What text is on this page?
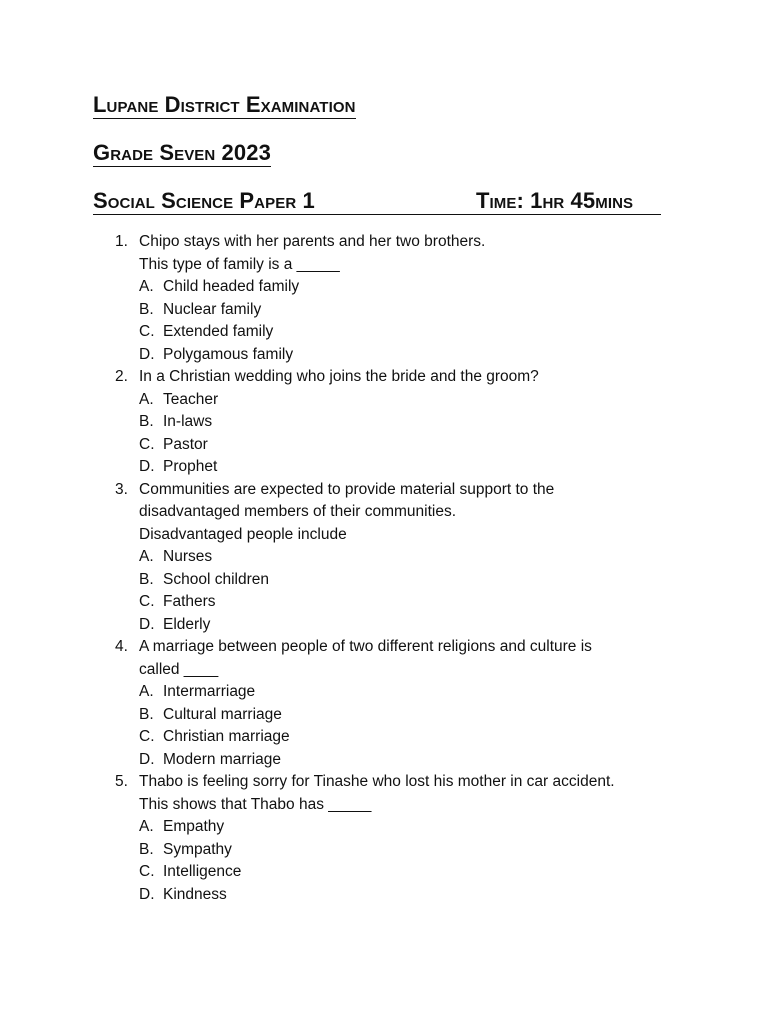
Lupane District Examination
Grade Seven 2023
Social Science Paper 1	Time: 1hr 45mins
1. Chipo stays with her parents and her two brothers.
This type of family is a _____
A. Child headed family
B. Nuclear family
C. Extended family
D. Polygamous family
2. In a Christian wedding who joins the bride and the groom?
A. Teacher
B. In-laws
C. Pastor
D. Prophet
3. Communities are expected to provide material support to the
disadvantaged members of their communities.
Disadvantaged people include
A. Nurses
B. School children
C. Fathers
D. Elderly
4. A marriage between people of two different religions and culture is
called ____
A. Intermarriage
B. Cultural marriage
C. Christian marriage
D. Modern marriage
5. Thabo is feeling sorry for Tinashe who lost his mother in car accident.
This shows that Thabo has _____
A. Empathy
B. Sympathy
C. Intelligence
D. Kindness
